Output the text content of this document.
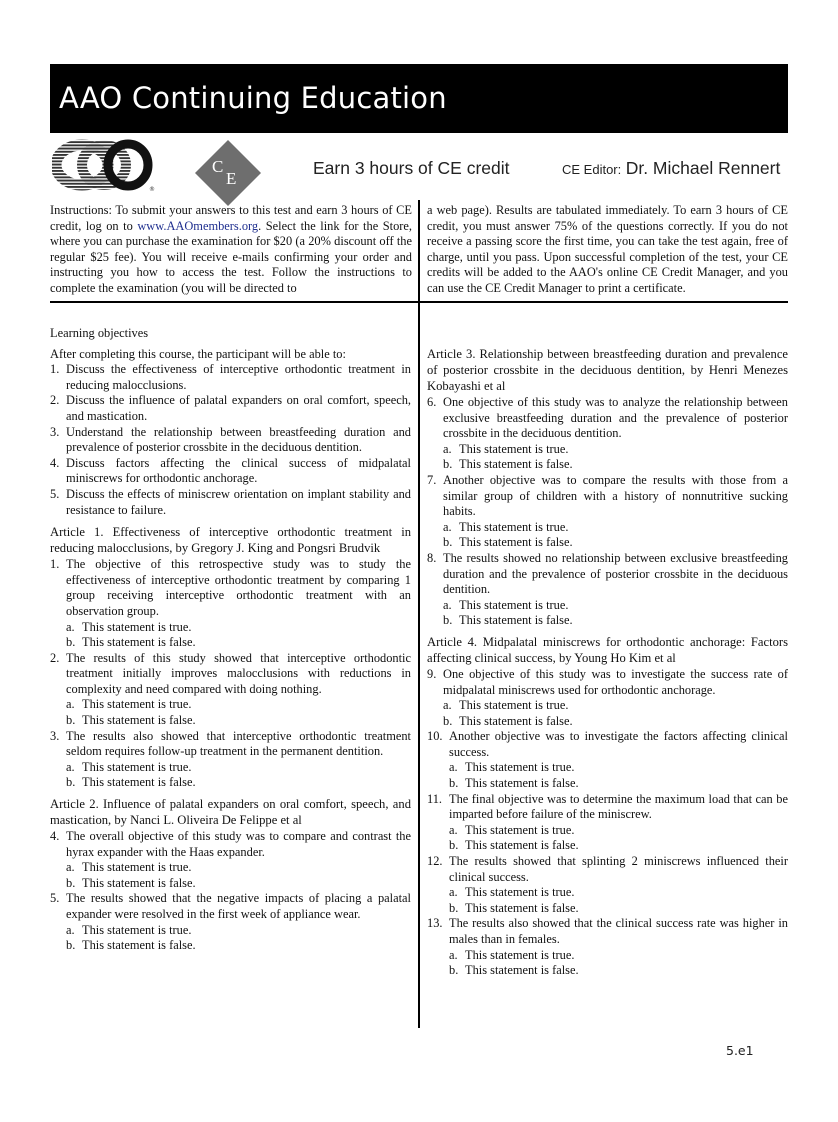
AAO Continuing Education
®
C
E
Earn 3 hours of CE credit	CE Editor: Dr. Michael Rennert
Instructions: To submit your answers to this test and earn 3 hours of CE credit, log on to www.AAOmembers.org. Select the link for the Store, where you can purchase the examination for $20 (a 20% discount off the regular $25 fee). You will receive e-mails confirming your order and instructing you how to access the test. Follow the instructions to complete the examination (you will be directed to
a web page). Results are tabulated immediately. To earn 3 hours of CE credit, you must answer 75% of the questions correctly. If you do not receive a passing score the first time, you can take the test again, free of charge, until you pass. Upon successful completion of the test, your CE credits will be added to the AAO's online CE Credit Manager, and you can use the CE Credit Manager to print a certificate.
Learning objectives
After completing this course, the participant will be able to:
1. Discuss the effectiveness of interceptive orthodontic treatment in reducing malocclusions.
2. Discuss the influence of palatal expanders on oral comfort, speech, and mastication.
3. Understand the relationship between breastfeeding duration and prevalence of posterior crossbite in the deciduous dentition.
4. Discuss factors affecting the clinical success of midpalatal miniscrews for orthodontic anchorage.
5. Discuss the effects of miniscrew orientation on implant stability and resistance to failure.
Article 1. Effectiveness of interceptive orthodontic treatment in reducing malocclusions, by Gregory J. King and Pongsri Brudvik
1. The objective of this retrospective study was to study the effectiveness of interceptive orthodontic treatment by comparing 1 group receiving interceptive orthodontic treatment with an observation group.
a. This statement is true.
b. This statement is false.
2. The results of this study showed that interceptive orthodontic treatment initially improves malocclusions with reductions in complexity and need compared with doing nothing.
a. This statement is true.
b. This statement is false.
3. The results also showed that interceptive orthodontic treatment seldom requires follow-up treatment in the permanent dentition.
a. This statement is true.
b. This statement is false.
Article 2. Influence of palatal expanders on oral comfort, speech, and mastication, by Nanci L. Oliveira De Felippe et al
4. The overall objective of this study was to compare and contrast the hyrax expander with the Haas expander.
a. This statement is true.
b. This statement is false.
5. The results showed that the negative impacts of placing a palatal expander were resolved in the first week of appliance wear.
a. This statement is true.
b. This statement is false.
Article 3. Relationship between breastfeeding duration and prevalence of posterior crossbite in the deciduous dentition, by Henri Menezes Kobayashi et al
6. One objective of this study was to analyze the relationship between exclusive breastfeeding duration and the prevalence of posterior crossbite in the deciduous dentition.
a. This statement is true.
b. This statement is false.
7. Another objective was to compare the results with those from a similar group of children with a history of nonnutritive sucking habits.
a. This statement is true.
b. This statement is false.
8. The results showed no relationship between exclusive breastfeeding duration and the prevalence of posterior crossbite in the deciduous dentition.
a. This statement is true.
b. This statement is false.
Article 4. Midpalatal miniscrews for orthodontic anchorage: Factors affecting clinical success, by Young Ho Kim et al
9. One objective of this study was to investigate the success rate of midpalatal miniscrews used for orthodontic anchorage.
a. This statement is true.
b. This statement is false.
10. Another objective was to investigate the factors affecting clinical success.
a. This statement is true.
b. This statement is false.
11. The final objective was to determine the maximum load that can be imparted before failure of the miniscrew.
a. This statement is true.
b. This statement is false.
12. The results showed that splinting 2 miniscrews influenced their clinical success.
a. This statement is true.
b. This statement is false.
13. The results also showed that the clinical success rate was higher in males than in females.
a. This statement is true.
b. This statement is false.
5.e1
